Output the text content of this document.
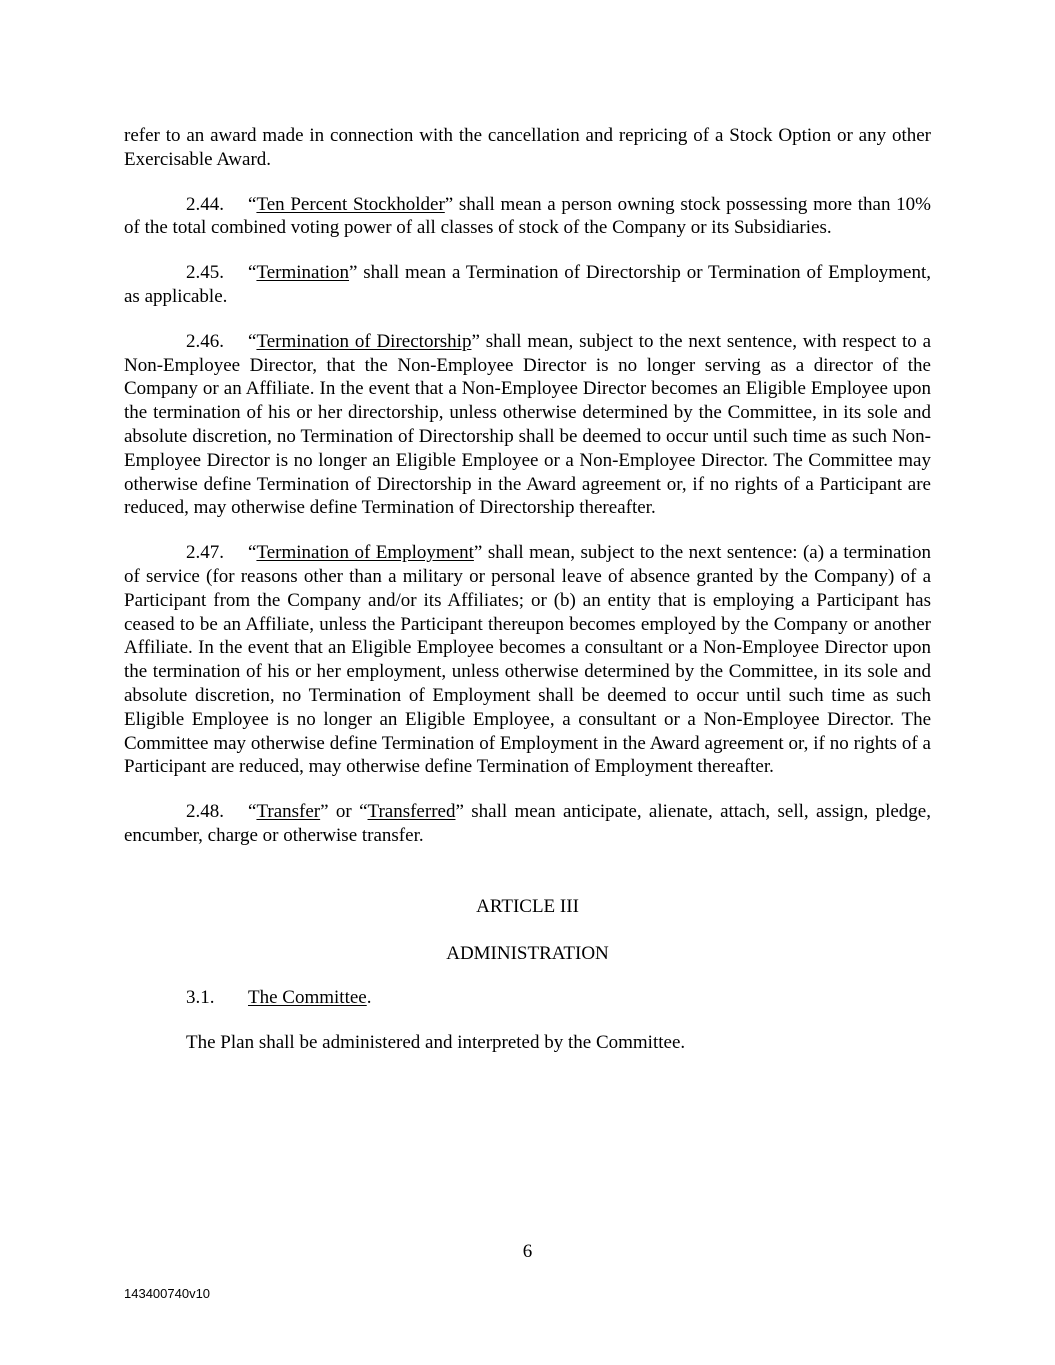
refer to an award made in connection with the cancellation and repricing of a Stock Option or any other Exercisable Award.

2.44. “Ten Percent Stockholder” shall mean a person owning stock possessing more than 10% of the total combined voting power of all classes of stock of the Company or its Subsidiaries.

2.45. “Termination” shall mean a Termination of Directorship or Termination of Employment, as applicable.

2.46. “Termination of Directorship” shall mean, subject to the next sentence, with respect to a Non-Employee Director, that the Non-Employee Director is no longer serving as a director of the Company or an Affiliate. In the event that a Non-Employee Director becomes an Eligible Employee upon the termination of his or her directorship, unless otherwise determined by the Committee, in its sole and absolute discretion, no Termination of Directorship shall be deemed to occur until such time as such Non-Employee Director is no longer an Eligible Employee or a Non-Employee Director. The Committee may otherwise define Termination of Directorship in the Award agreement or, if no rights of a Participant are reduced, may otherwise define Termination of Directorship thereafter.

2.47. “Termination of Employment” shall mean, subject to the next sentence: (a) a termination of service (for reasons other than a military or personal leave of absence granted by the Company) of a Participant from the Company and/or its Affiliates; or (b) an entity that is employing a Participant has ceased to be an Affiliate, unless the Participant thereupon becomes employed by the Company or another Affiliate. In the event that an Eligible Employee becomes a consultant or a Non-Employee Director upon the termination of his or her employment, unless otherwise determined by the Committee, in its sole and absolute discretion, no Termination of Employment shall be deemed to occur until such time as such Eligible Employee is no longer an Eligible Employee, a consultant or a Non-Employee Director. The Committee may otherwise define Termination of Employment in the Award agreement or, if no rights of a Participant are reduced, may otherwise define Termination of Employment thereafter.

2.48. “Transfer” or “Transferred” shall mean anticipate, alienate, attach, sell, assign, pledge, encumber, charge or otherwise transfer.

ARTICLE III
ADMINISTRATION
3.1. The Committee.
The Plan shall be administered and interpreted by the Committee.
6
143400740v10
